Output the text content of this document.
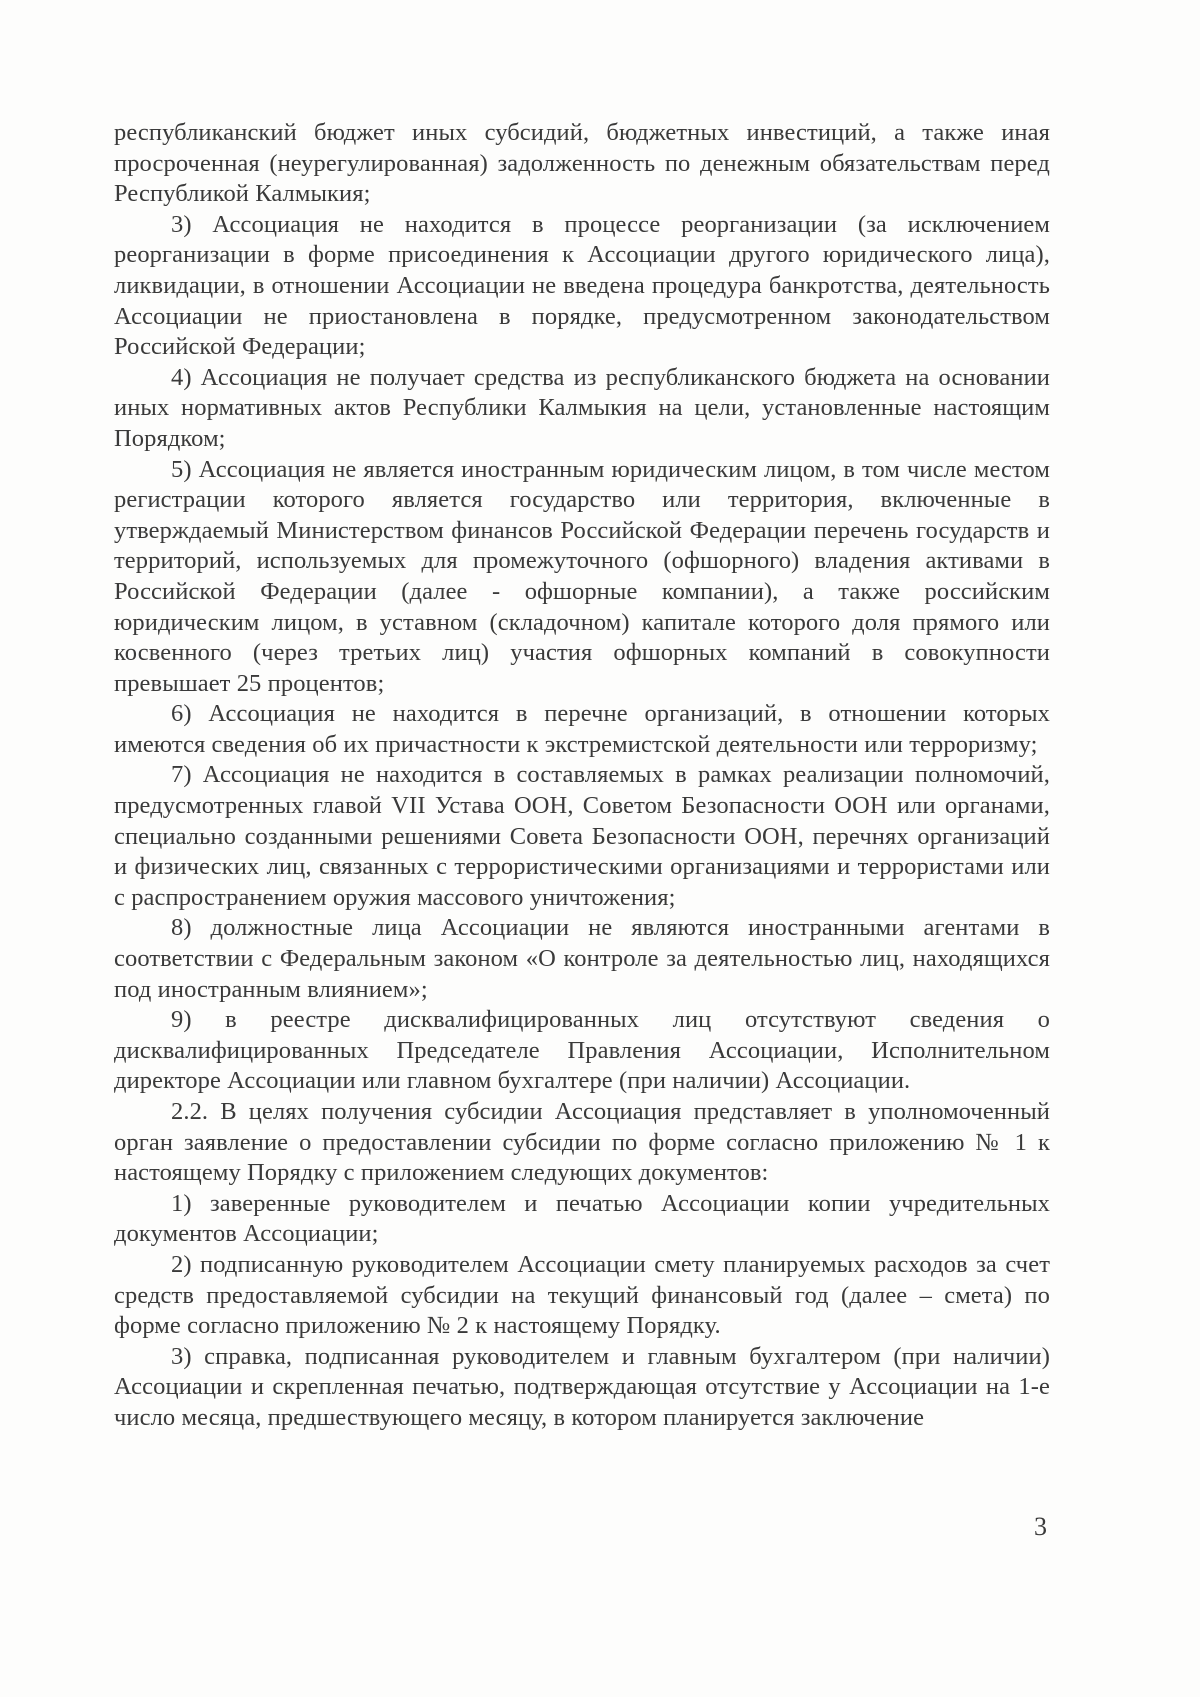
республиканский бюджет иных субсидий, бюджетных инвестиций, а также иная просроченная (неурегулированная) задолженность по денежным обязательствам перед Республикой Калмыкия;

3) Ассоциация не находится в процессе реорганизации (за исключением реорганизации в форме присоединения к Ассоциации другого юридического лица), ликвидации, в отношении Ассоциации не введена процедура банкротства, деятельность Ассоциации не приостановлена в порядке, предусмотренном законодательством Российской Федерации;

4) Ассоциация не получает средства из республиканского бюджета на основании иных нормативных актов Республики Калмыкия на цели, установленные настоящим Порядком;

5) Ассоциация не является иностранным юридическим лицом, в том числе местом регистрации которого является государство или территория, включенные в утверждаемый Министерством финансов Российской Федерации перечень государств и территорий, используемых для промежуточного (офшорного) владения активами в Российской Федерации (далее - офшорные компании), а также российским юридическим лицом, в уставном (складочном) капитале которого доля прямого или косвенного (через третьих лиц) участия офшорных компаний в совокупности превышает 25 процентов;

6) Ассоциация не находится в перечне организаций, в отношении которых имеются сведения об их причастности к экстремистской деятельности или терроризму;

7) Ассоциация не находится в составляемых в рамках реализации полномочий, предусмотренных главой VII Устава ООН, Советом Безопасности ООН или органами, специально созданными решениями Совета Безопасности ООН, перечнях организаций и физических лиц, связанных с террористическими организациями и террористами или с распространением оружия массового уничтожения;

8) должностные лица Ассоциации не являются иностранными агентами в соответствии с Федеральным законом «О контроле за деятельностью лиц, находящихся под иностранным влиянием»;

9) в реестре дисквалифицированных лиц отсутствуют сведения о дисквалифицированных Председателе Правления Ассоциации, Исполнительном директоре Ассоциации или главном бухгалтере (при наличии) Ассоциации.

2.2. В целях получения субсидии Ассоциация представляет в уполномоченный орган заявление о предоставлении субсидии по форме согласно приложению № 1 к настоящему Порядку с приложением следующих документов:

1) заверенные руководителем и печатью Ассоциации копии учредительных документов Ассоциации;

2) подписанную руководителем Ассоциации смету планируемых расходов за счет средств предоставляемой субсидии на текущий финансовый год (далее – смета) по форме согласно приложению № 2 к настоящему Порядку.

3) справка, подписанная руководителем и главным бухгалтером (при наличии) Ассоциации и скрепленная печатью, подтверждающая отсутствие у Ассоциации на 1-е число месяца, предшествующего месяцу, в котором планируется заключение

3
